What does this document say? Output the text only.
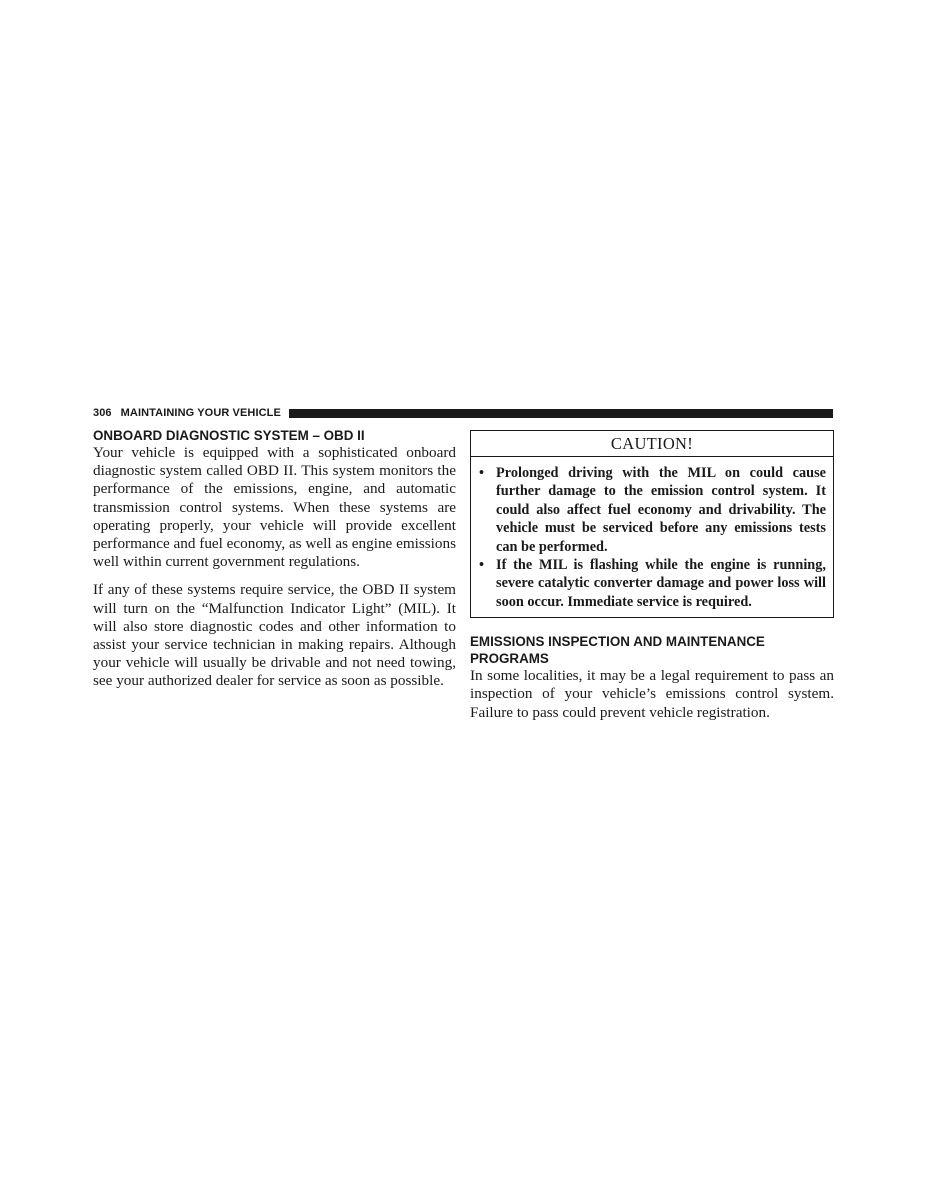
306 MAINTAINING YOUR VEHICLE
ONBOARD DIAGNOSTIC SYSTEM – OBD II

Your vehicle is equipped with a sophisticated onboard diagnostic system called OBD II. This system monitors the performance of the emissions, engine, and automatic transmission control systems. When these systems are operating properly, your vehicle will provide excellent performance and fuel economy, as well as engine emissions well within current government regulations.

If any of these systems require service, the OBD II system will turn on the “Malfunction Indicator Light” (MIL). It will also store diagnostic codes and other information to assist your service technician in making repairs. Although your vehicle will usually be drivable and not need towing, see your authorized dealer for service as soon as possible.

CAUTION!
• Prolonged driving with the MIL on could cause further damage to the emission control system. It could also affect fuel economy and drivability. The vehicle must be serviced before any emissions tests can be performed.
• If the MIL is flashing while the engine is running, severe catalytic converter damage and power loss will soon occur. Immediate service is required.
EMISSIONS INSPECTION AND MAINTENANCE PROGRAMS

In some localities, it may be a legal requirement to pass an inspection of your vehicle’s emissions control system. Failure to pass could prevent vehicle registration.
